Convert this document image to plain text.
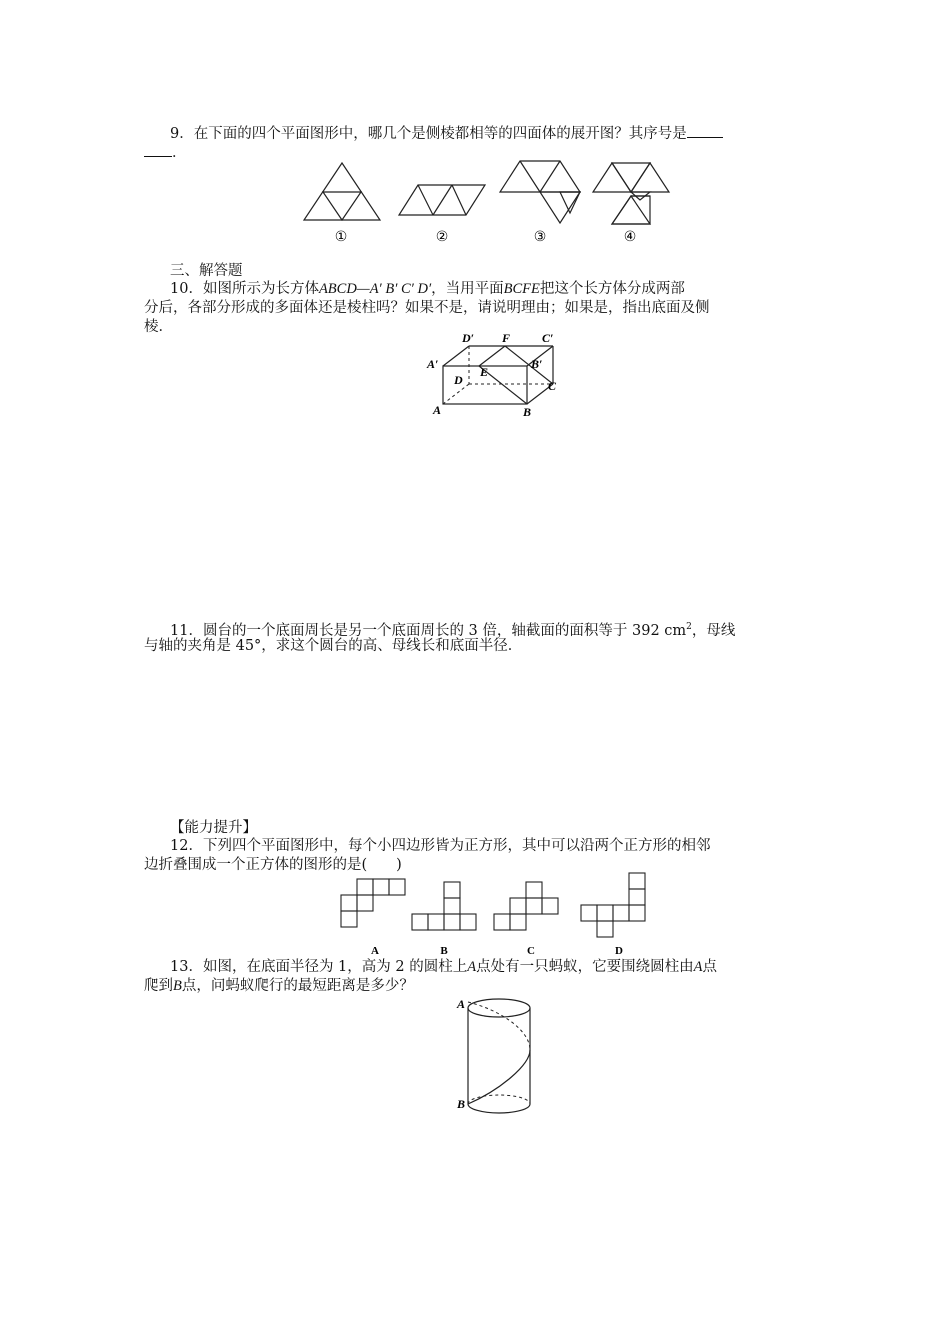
9．在下面的四个平面图形中，哪几个是侧棱都相等的四面体的展开图？其序号是
．
①	②	③	④
三、解答题
10．如图所示为长方体ABCD—A′ B′ C′ D′，当用平面BCFE把这个长方体分成两部
分后，各部分形成的多面体还是棱柱吗？如果不是，请说明理由；如果是，指出底面及侧
棱．
D′ F	C′
A′
E
B′
D	C
A	B
11．圆台的一个底面周长是另一个底面周长的 3 倍，轴截面的面积等于 392 $cm^2$，母线
与轴的夹角是 45°，求这个圆台的高、母线长和底面半径．
【能力提升】
12．下列四个平面图形中，每个小四边形皆为正方形，其中可以沿两个正方形的相邻
边折叠围成一个正方体的图形的是(　　)
A	B	C	D
13．如图，在底面半径为 1，高为 2 的圆柱上A点处有一只蚂蚁，它要围绕圆柱由A点
爬到B点，问蚂蚁爬行的最短距离是多少？
A
B
